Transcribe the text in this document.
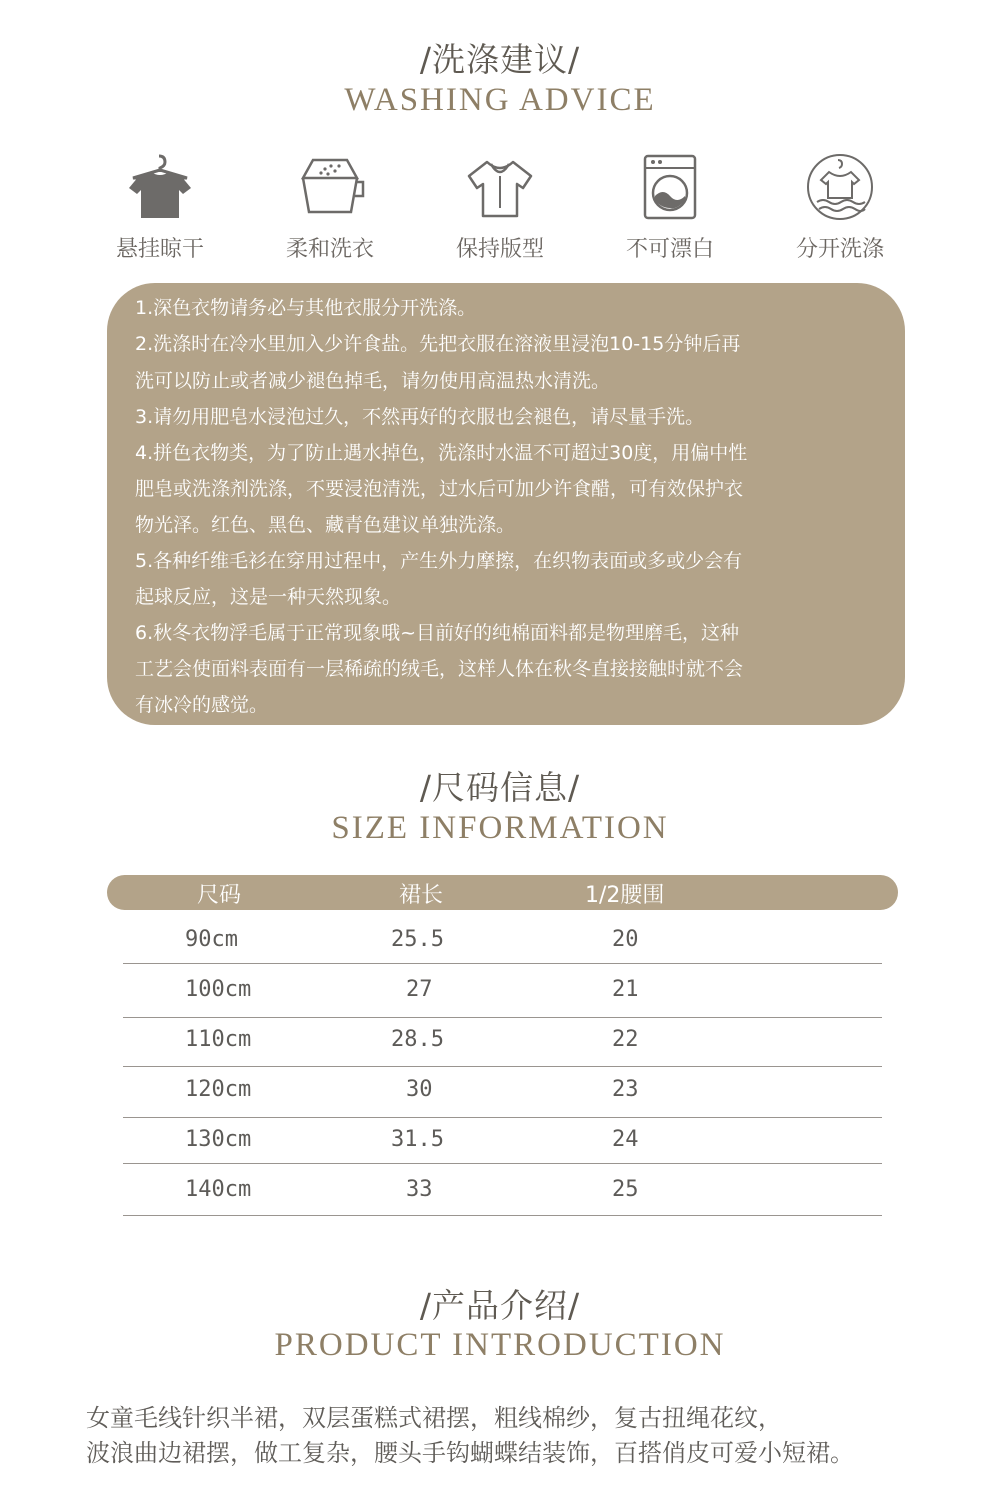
/洗涤建议/
WASHING ADVICE
悬挂晾干	柔和洗衣	保持版型	不可漂白	分开洗涤
1.深色衣物请务必与其他衣服分开洗涤。
2.洗涤时在冷水里加入少许食盐。先把衣服在溶液里浸泡10-15分钟后再
洗可以防止或者减少褪色掉毛，请勿使用高温热水清洗。
3.请勿用肥皂水浸泡过久，不然再好的衣服也会褪色，请尽量手洗。
4.拼色衣物类，为了防止遇水掉色，洗涤时水温不可超过30度，用偏中性
肥皂或洗涤剂洗涤，不要浸泡清洗，过水后可加少许食醋，可有效保护衣
物光泽。红色、黑色、藏青色建议单独洗涤。
5.各种纤维毛衫在穿用过程中，产生外力摩擦，在织物表面或多或少会有
起球反应，这是一种天然现象。
6.秋冬衣物浮毛属于正常现象哦~目前好的纯棉面料都是物理磨毛，这种
工艺会使面料表面有一层稀疏的绒毛，这样人体在秋冬直接接触时就不会
有冰冷的感觉。
/尺码信息/
SIZE INFORMATION
尺码	裙长	1/2腰围
90cm	25.5	20
100cm	27	21
110cm	28.5	22
120cm	30	23
130cm	31.5	24
140cm	33	25
/产品介绍/
PRODUCT INTRODUCTION
女童毛线针织半裙，双层蛋糕式裙摆，粗线棉纱，复古扭绳花纹，
波浪曲边裙摆，做工复杂，腰头手钩蝴蝶结装饰，百搭俏皮可爱小短裙。
